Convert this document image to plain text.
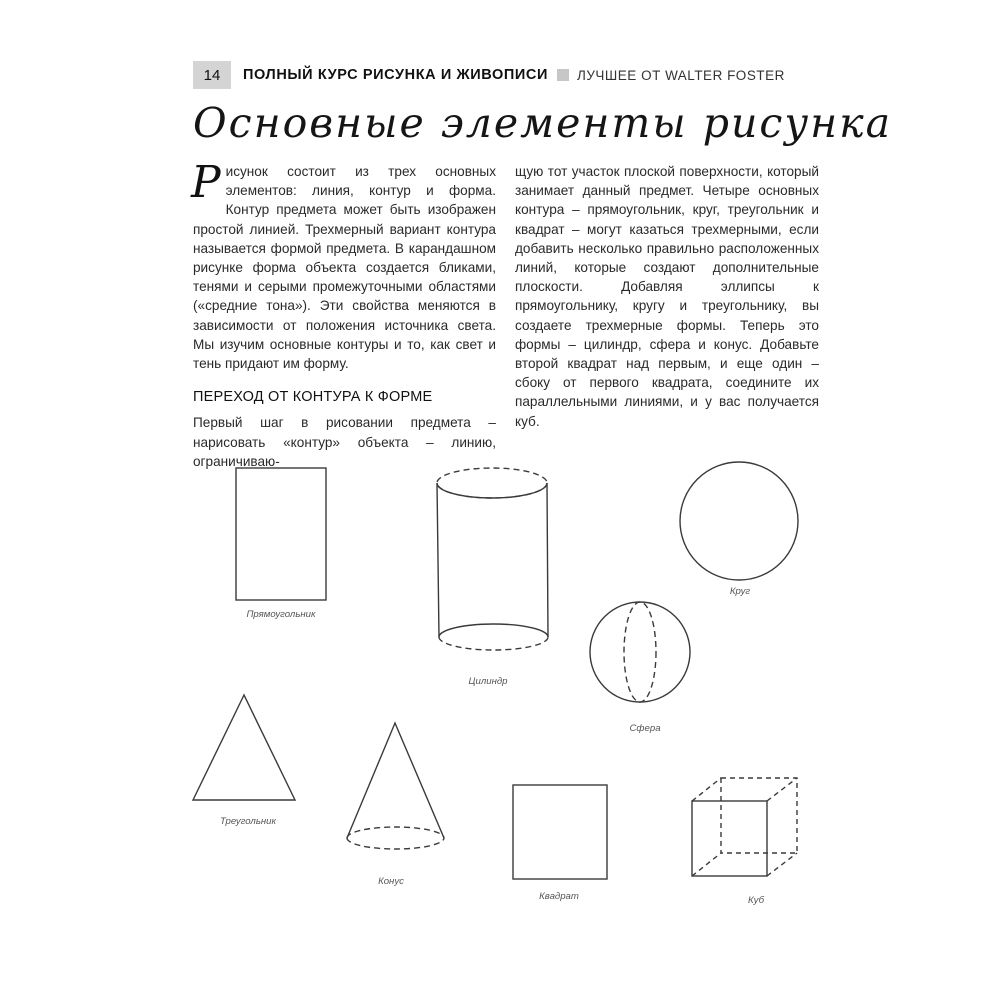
14	ПОЛНЫЙ КУРС РИСУНКА И ЖИВОПИСИ ЛУЧШЕЕ ОТ WALTER FOSTER
Основные элементы рисунка

Рисунок состоит из трех основных элементов: линия, контур и форма. Контур предмета может быть изображен простой линией. Трехмерный вариант контура называется формой предмета. В карандашном рисунке форма объекта создается бликами, тенями и серыми промежуточными областями («средние тона»). Эти свойства меняются в зависимости от положения источника света. Мы изучим основные контуры и то, как свет и тень придают им форму.

ПЕРЕХОД ОТ КОНТУРА К ФОРМЕ

Первый шаг в рисовании предмета – нарисовать «контур» объекта – линию, ограничиваю-

щую тот участок плоской поверхности, который занимает данный предмет. Четыре основных контура – прямоугольник, круг, треугольник и квадрат – могут казаться трехмерными, если добавить несколько правильно расположенных линий, которые создают дополнительные плоскости. Добавляя эллипсы к прямоугольнику, кругу и треугольнику, вы создаете трехмерные формы. Теперь это формы – цилиндр, сфера и конус. Добавьте второй квадрат над первым, и еще один – сбоку от первого квадрата, соедините их параллельными линиями, и у вас получается куб.

Прямоугольник
Цилиндр
Круг
Сфера
Треугольник
Конус
Квадрат	Куб
